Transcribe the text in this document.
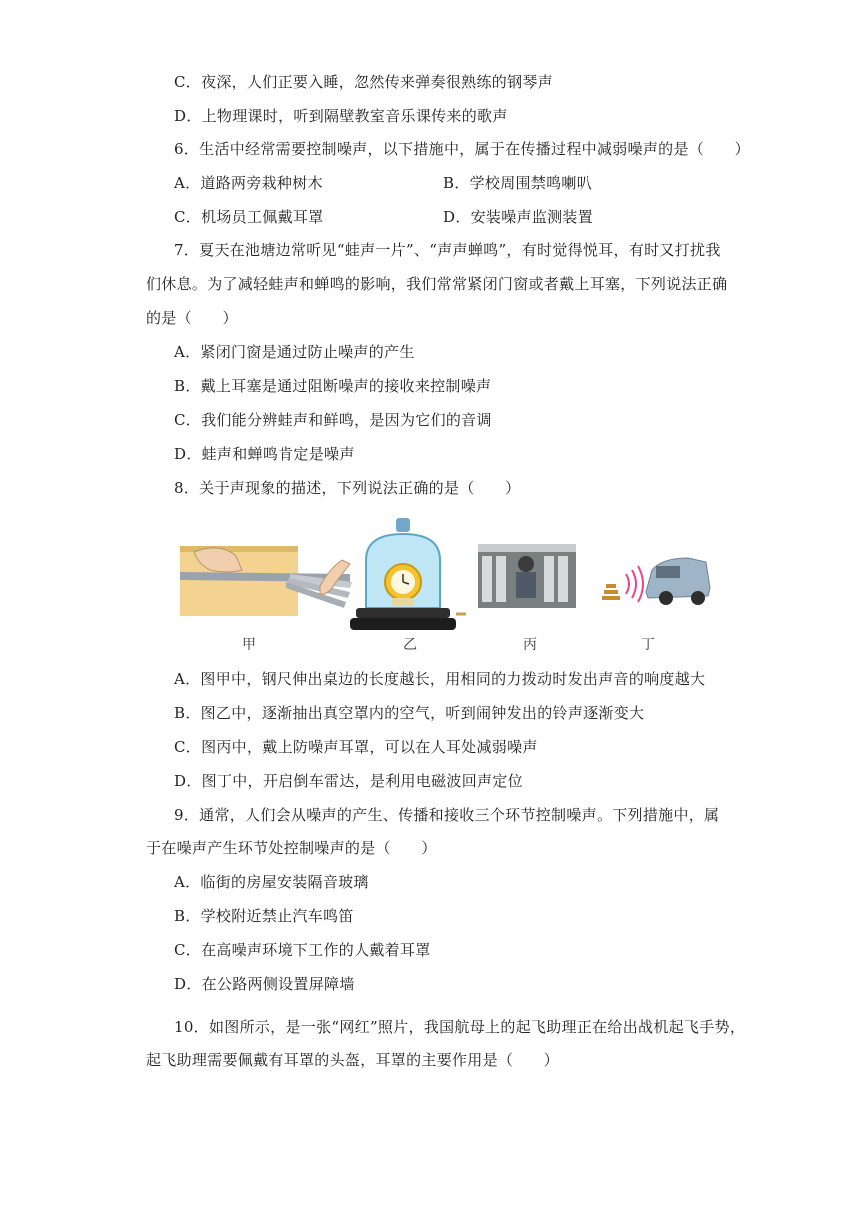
C．夜深，人们正要入睡，忽然传来弹奏很熟练的钢琴声
D．上物理课时，听到隔壁教室音乐课传来的歌声
6．生活中经常需要控制噪声，以下措施中，属于在传播过程中减弱噪声的是（　　）
A．道路两旁栽种树木	B．学校周围禁鸣喇叭
C．机场员工佩戴耳罩	D．安装噪声监测装置
7．夏天在池塘边常听见“蛙声一片”、“声声蝉鸣”，有时觉得悦耳，有时又打扰我
们休息。为了减轻蛙声和蝉鸣的影响，我们常常紧闭门窗或者戴上耳塞，下列说法正确
的是（　　）
A．紧闭门窗是通过防止噪声的产生
B．戴上耳塞是通过阻断噪声的接收来控制噪声
C．我们能分辨蛙声和鲜鸣，是因为它们的音调
D．蛙声和蝉鸣肯定是噪声
8．关于声现象的描述，下列说法正确的是（　　）
甲	乙	丙	丁
A．图甲中，钢尺伸出桌边的长度越长，用相同的力拨动时发出声音的响度越大
B．图乙中，逐渐抽出真空罩内的空气，听到闹钟发出的铃声逐渐变大
C．图丙中，戴上防噪声耳罩，可以在人耳处减弱噪声
D．图丁中，开启倒车雷达，是利用电磁波回声定位
9．通常，人们会从噪声的产生、传播和接收三个环节控制噪声。下列措施中，属
于在噪声产生环节处控制噪声的是（　　）
A．临街的房屋安装隔音玻璃
B．学校附近禁止汽车鸣笛
C．在高噪声环境下工作的人戴着耳罩
D．在公路两侧设置屏障墙
10．如图所示，是一张“网红”照片，我国航母上的起飞助理正在给出战机起飞手势，
起飞助理需要佩戴有耳罩的头盔，耳罩的主要作用是（　　）
